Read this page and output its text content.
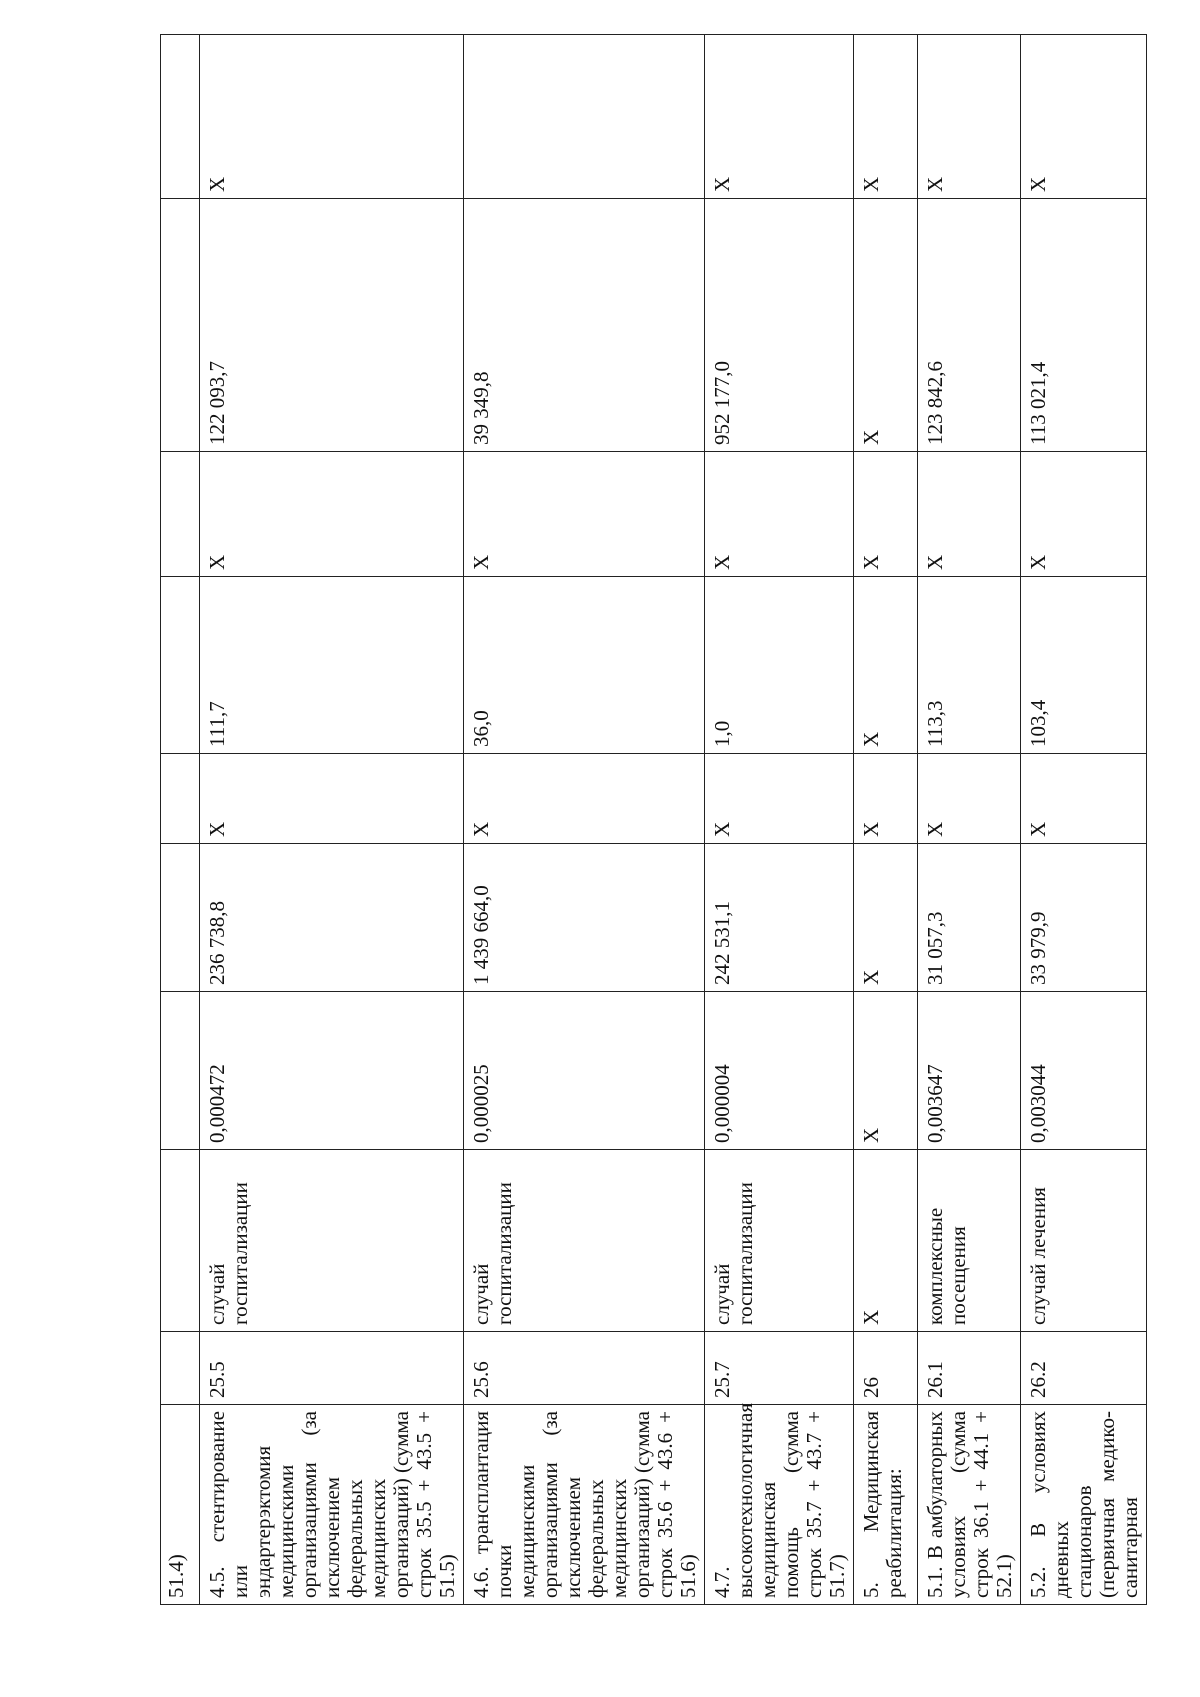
51.4)									
4.5. стентирование или эндартерэктомия медицинскими организациями (за исключением федеральных медицинских организаций) (сумма строк 35.5 + 43.5 + 51.5)	25.5	случай госпитализации	0,000472	236 738,8	X	111,7	X	122 093,7	X
4.6. трансплантация почки медицинскими организациями (за исключением федеральных медицинских организаций) (сумма строк 35.6 + 43.6 + 51.6)	25.6	случай госпитализации	0,000025	1 439 664,0	X	36,0	X	39 349,8	
4.7. высокотехнологичная медицинская помощь (сумма строк 35.7 + 43.7 + 51.7)	25.7	случай госпитализации	0,000004	242 531,1	X	1,0	X	952 177,0	X
5. Медицинская реабилитация:	26	X	X	X	X	X	X	X	X
5.1. В амбулаторных условиях (сумма строк 36.1 + 44.1 + 52.1)	26.1	комплексные посещения	0,003647	31 057,3	X	113,3	X	123 842,6	X
5.2. В условиях дневных стационаров (первичная медико-санитарная	26.2	случай лечения	0,003044	33 979,9	X	103,4	X	113 021,4	X
